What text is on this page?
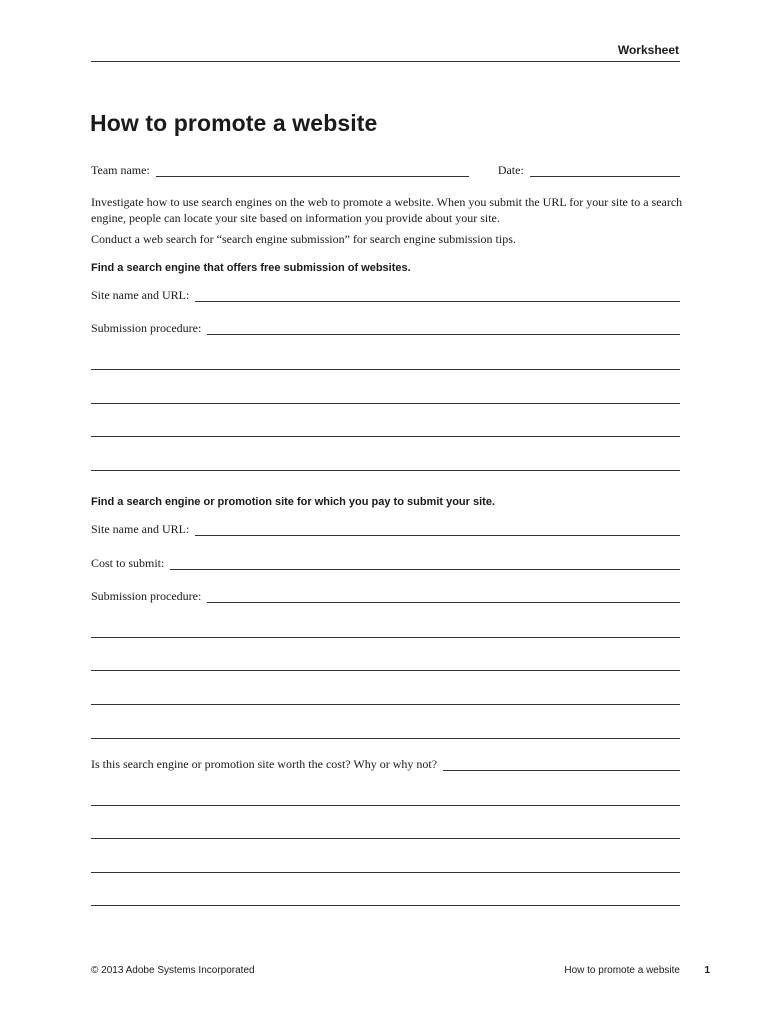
Worksheet
How to promote a website
Team name:	Date:

Investigate how to use search engines on the web to promote a website. When you submit the URL for your site to a search engine, people can locate your site based on information you provide about your site.

Conduct a web search for “search engine submission” for search engine submission tips.

Find a search engine that offers free submission of websites.

Site name and URL:
Submission procedure:

Find a search engine or promotion site for which you pay to submit your site.

Site name and URL:
Cost to submit:
Submission procedure:
Is this search engine or promotion site worth the cost? Why or why not?
© 2013 Adobe Systems Incorporated	How to promote a website 1
